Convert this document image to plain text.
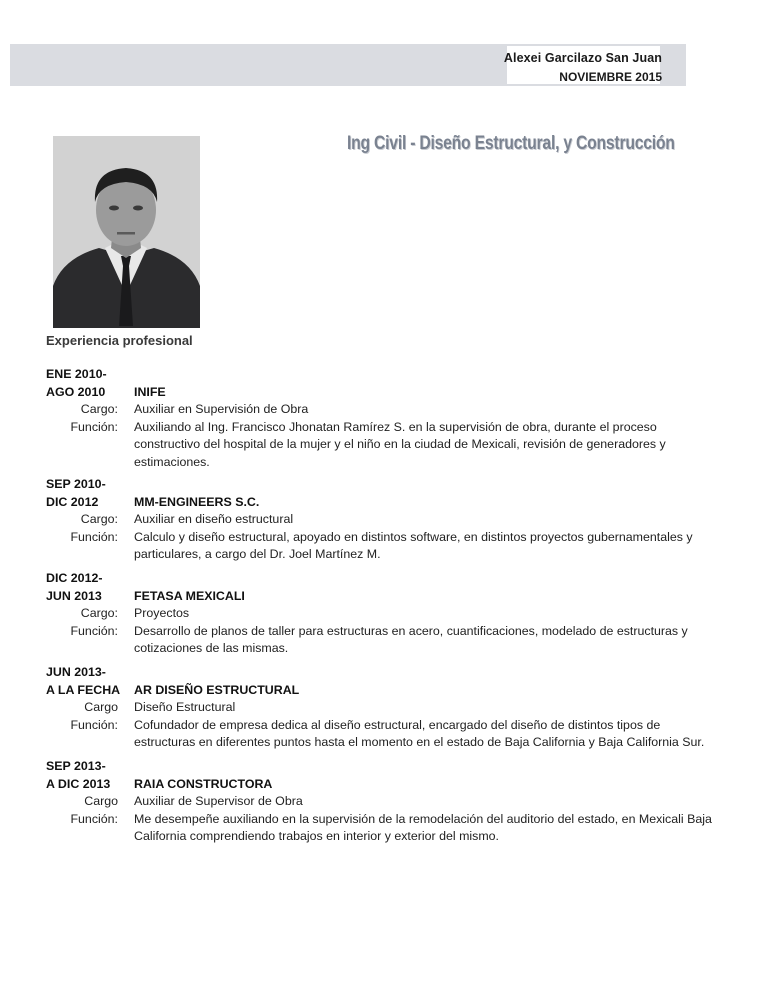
Alexei Garcilazo San Juan
NOVIEMBRE 2015
Ing Civil - Diseño Estructural, y Construcción
Experiencia profesional
ENE 2010-
AGO 2010 INIFE
Cargo: Auxiliar en Supervisión de Obra
Función: Auxiliando al Ing. Francisco Jhonatan Ramírez S. en la supervisión de obra, durante el proceso
constructivo del hospital de la mujer y el niño en la ciudad de Mexicali, revisión de generadores y estimaciones.
SEP 2010-
DIC 2012	MM-ENGINEERS S.C.
Cargo: Auxiliar en diseño estructural
Función: Calculo y diseño estructural, apoyado en distintos software, en distintos proyectos gubernamentales y
particulares, a cargo del Dr. Joel Martínez M.
DIC 2012-
JUN 2013	FETASA MEXICALI
Cargo: Proyectos
Función: Desarrollo de planos de taller para estructuras en acero, cuantificaciones, modelado de estructuras y
cotizaciones de las mismas.
JUN 2013-
A LA FECHA AR DISEÑO ESTRUCTURAL
Cargo Diseño Estructural
Función: Cofundador de empresa dedica al diseño estructural, encargado del diseño de distintos tipos de
estructuras en diferentes puntos hasta el momento en el estado de Baja California y Baja California Sur.
SEP 2013-
A DIC 2013 RAIA CONSTRUCTORA
Cargo Auxiliar de Supervisor de Obra
Función: Me desempeñe auxiliando en la supervisión de la remodelación del auditorio del estado, en Mexicali Baja
California comprendiendo trabajos en interior y exterior del mismo.
